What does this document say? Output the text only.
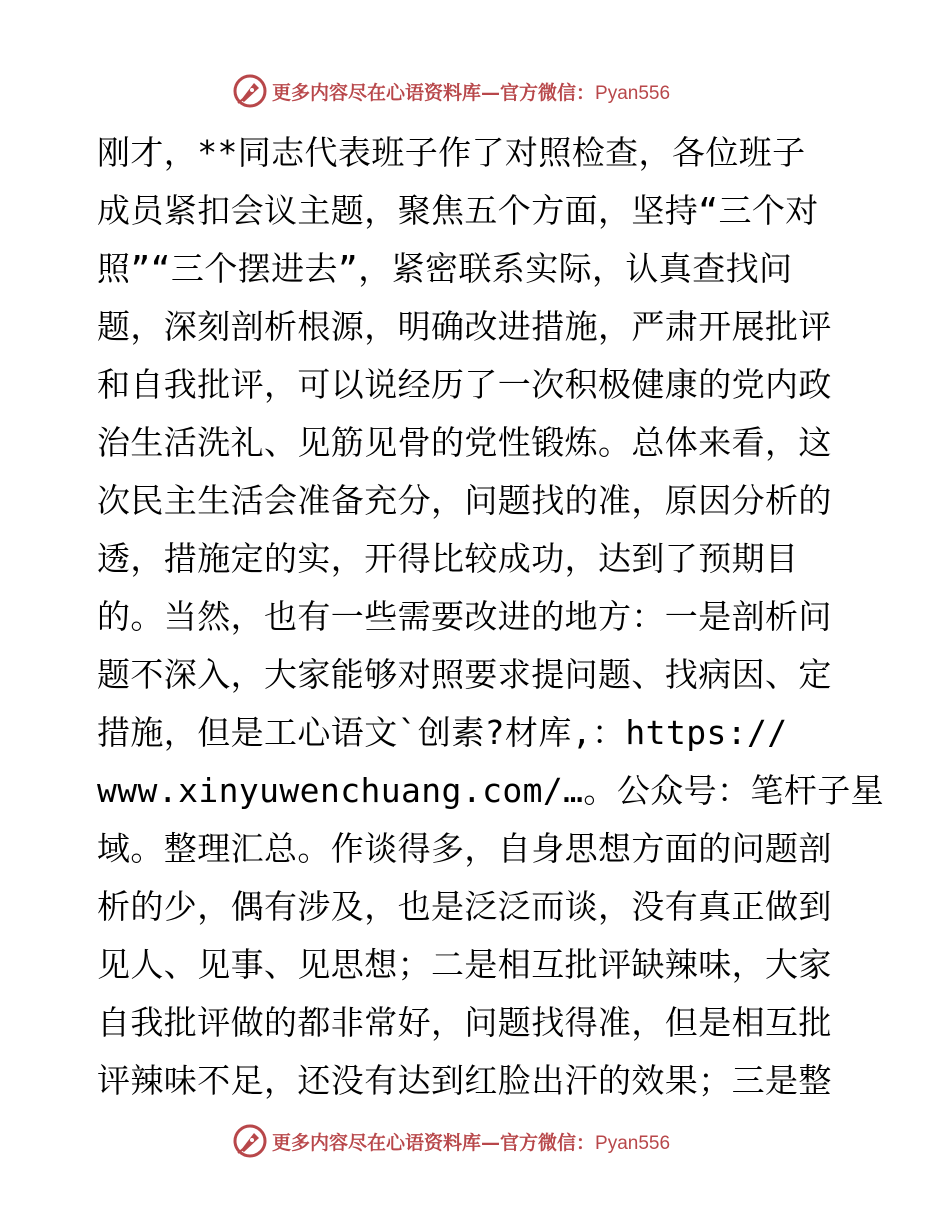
更多内容尽在心语资料库—官方微信：Pyan556
刚才，**同志代表班子作了对照检查，各位班子
成员紧扣会议主题，聚焦五个方面，坚持“三个对
照”“三个摆进去”，紧密联系实际，认真查找问
题，深刻剖析根源，明确改进措施，严肃开展批评
和自我批评，可以说经历了一次积极健康的党内政
治生活洗礼、见筋见骨的党性锻炼。总体来看，这
次民主生活会准备充分，问题找的准，原因分析的
透，措施定的实，开得比较成功，达到了预期目
的。当然，也有一些需要改进的地方：一是剖析问
题不深入，大家能够对照要求提问题、找病因、定
措施，但是工心语文`创素?材库,：https://
www.xinyuwenchuang.com/…。公众号：笔杆子星
域。整理汇总。作谈得多，自身思想方面的问题剖
析的少，偶有涉及，也是泛泛而谈，没有真正做到
见人、见事、见思想；二是相互批评缺辣味，大家
自我批评做的都非常好，问题找得准，但是相互批
评辣味不足，还没有达到红脸出汗的效果；三是整
更多内容尽在心语资料库—官方微信：Pyan556
